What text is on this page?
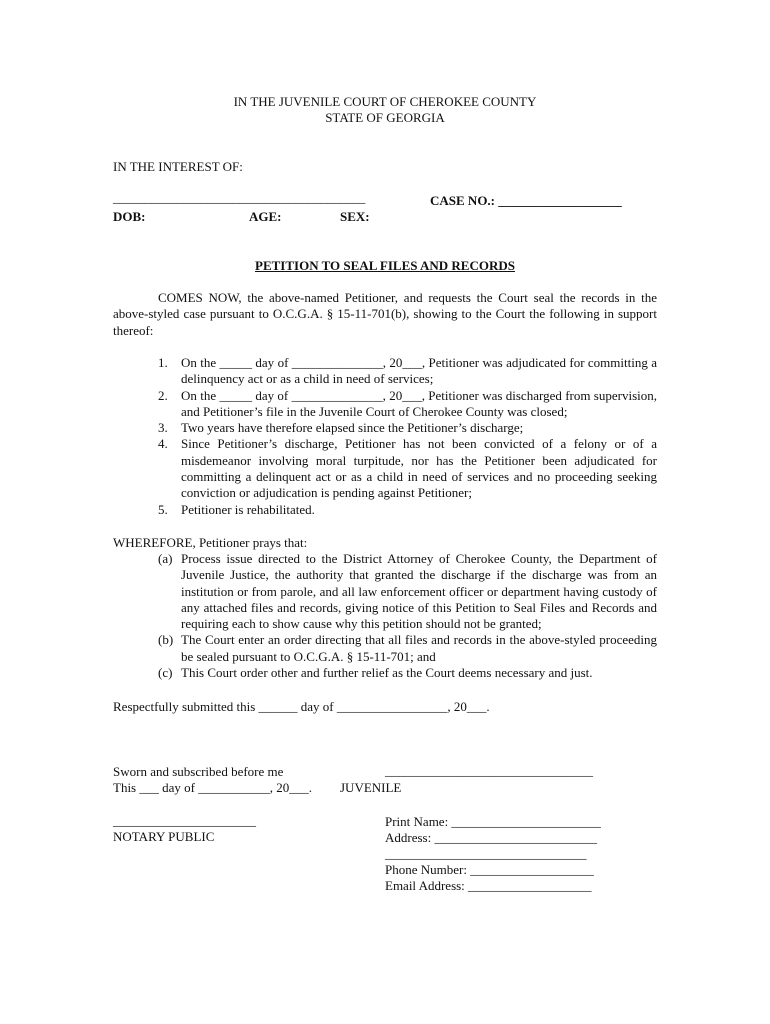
IN THE JUVENILE COURT OF CHEROKEE COUNTY
STATE OF GEORGIA
IN THE INTEREST OF:
________________________________________	CASE NO.: ___________________
DOB:	AGE:	SEX:
PETITION TO SEAL FILES AND RECORDS
COMES NOW, the above-named Petitioner, and requests the Court seal the records in the above-styled case pursuant to O.C.G.A. § 15-11-701(b), showing to the Court the following in support thereof:
1. On the _____ day of ______________, 20___, Petitioner was adjudicated for committing a delinquency act or as a child in need of services;
2. On the _____ day of ______________, 20___, Petitioner was discharged from supervision, and Petitioner’s file in the Juvenile Court of Cherokee County was closed;
3. Two years have therefore elapsed since the Petitioner’s discharge;
4. Since Petitioner’s discharge, Petitioner has not been convicted of a felony or of a misdemeanor involving moral turpitude, nor has the Petitioner been adjudicated for committing a delinquent act or as a child in need of services and no proceeding seeking conviction or adjudication is pending against Petitioner;
5. Petitioner is rehabilitated.
WHEREFORE, Petitioner prays that:
(a) Process issue directed to the District Attorney of Cherokee County, the Department of Juvenile Justice, the authority that granted the discharge if the discharge was from an institution or from parole, and all law enforcement officer or department having custody of any attached files and records, giving notice of this Petition to Seal Files and Records and requiring each to show cause why this petition should not be granted;
(b) The Court enter an order directing that all files and records in the above-styled proceeding be sealed pursuant to O.C.G.A. § 15-11-701; and
(c) This Court order other and further relief as the Court deems necessary and just.
Respectfully submitted this ______ day of _________________, 20___.
Sworn and subscribed before me
This ___ day of ___________, 20___.
________________________________
JUVENILE
______________________
NOTARY PUBLIC
Print Name: _______________________
Address: _________________________
_______________________________
Phone Number: ___________________
Email Address: ___________________
